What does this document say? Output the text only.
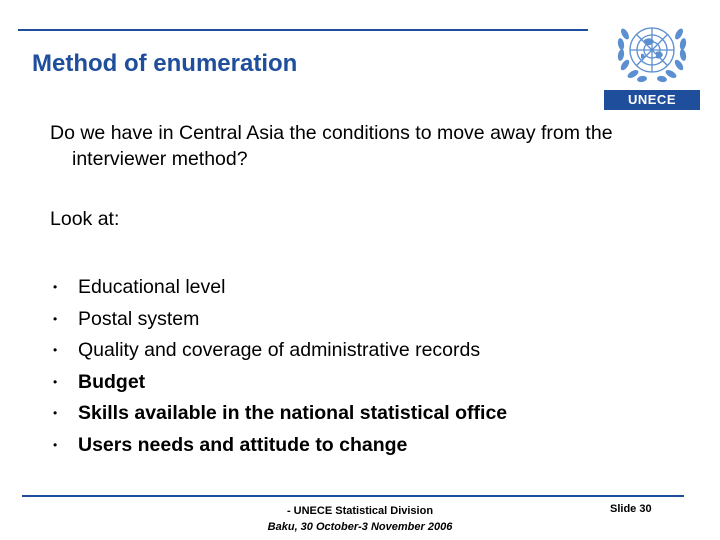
Method of enumeration
UNECE
Do we have in Central Asia the conditions to move away from the interviewer method?
Look at:
• Educational level
• Postal system
• Quality and coverage of administrative records
• Budget
• Skills available in the national statistical office
• Users needs and attitude to change
- UNECE Statistical Division
Baku, 30 October-3 November 2006
Slide 30
